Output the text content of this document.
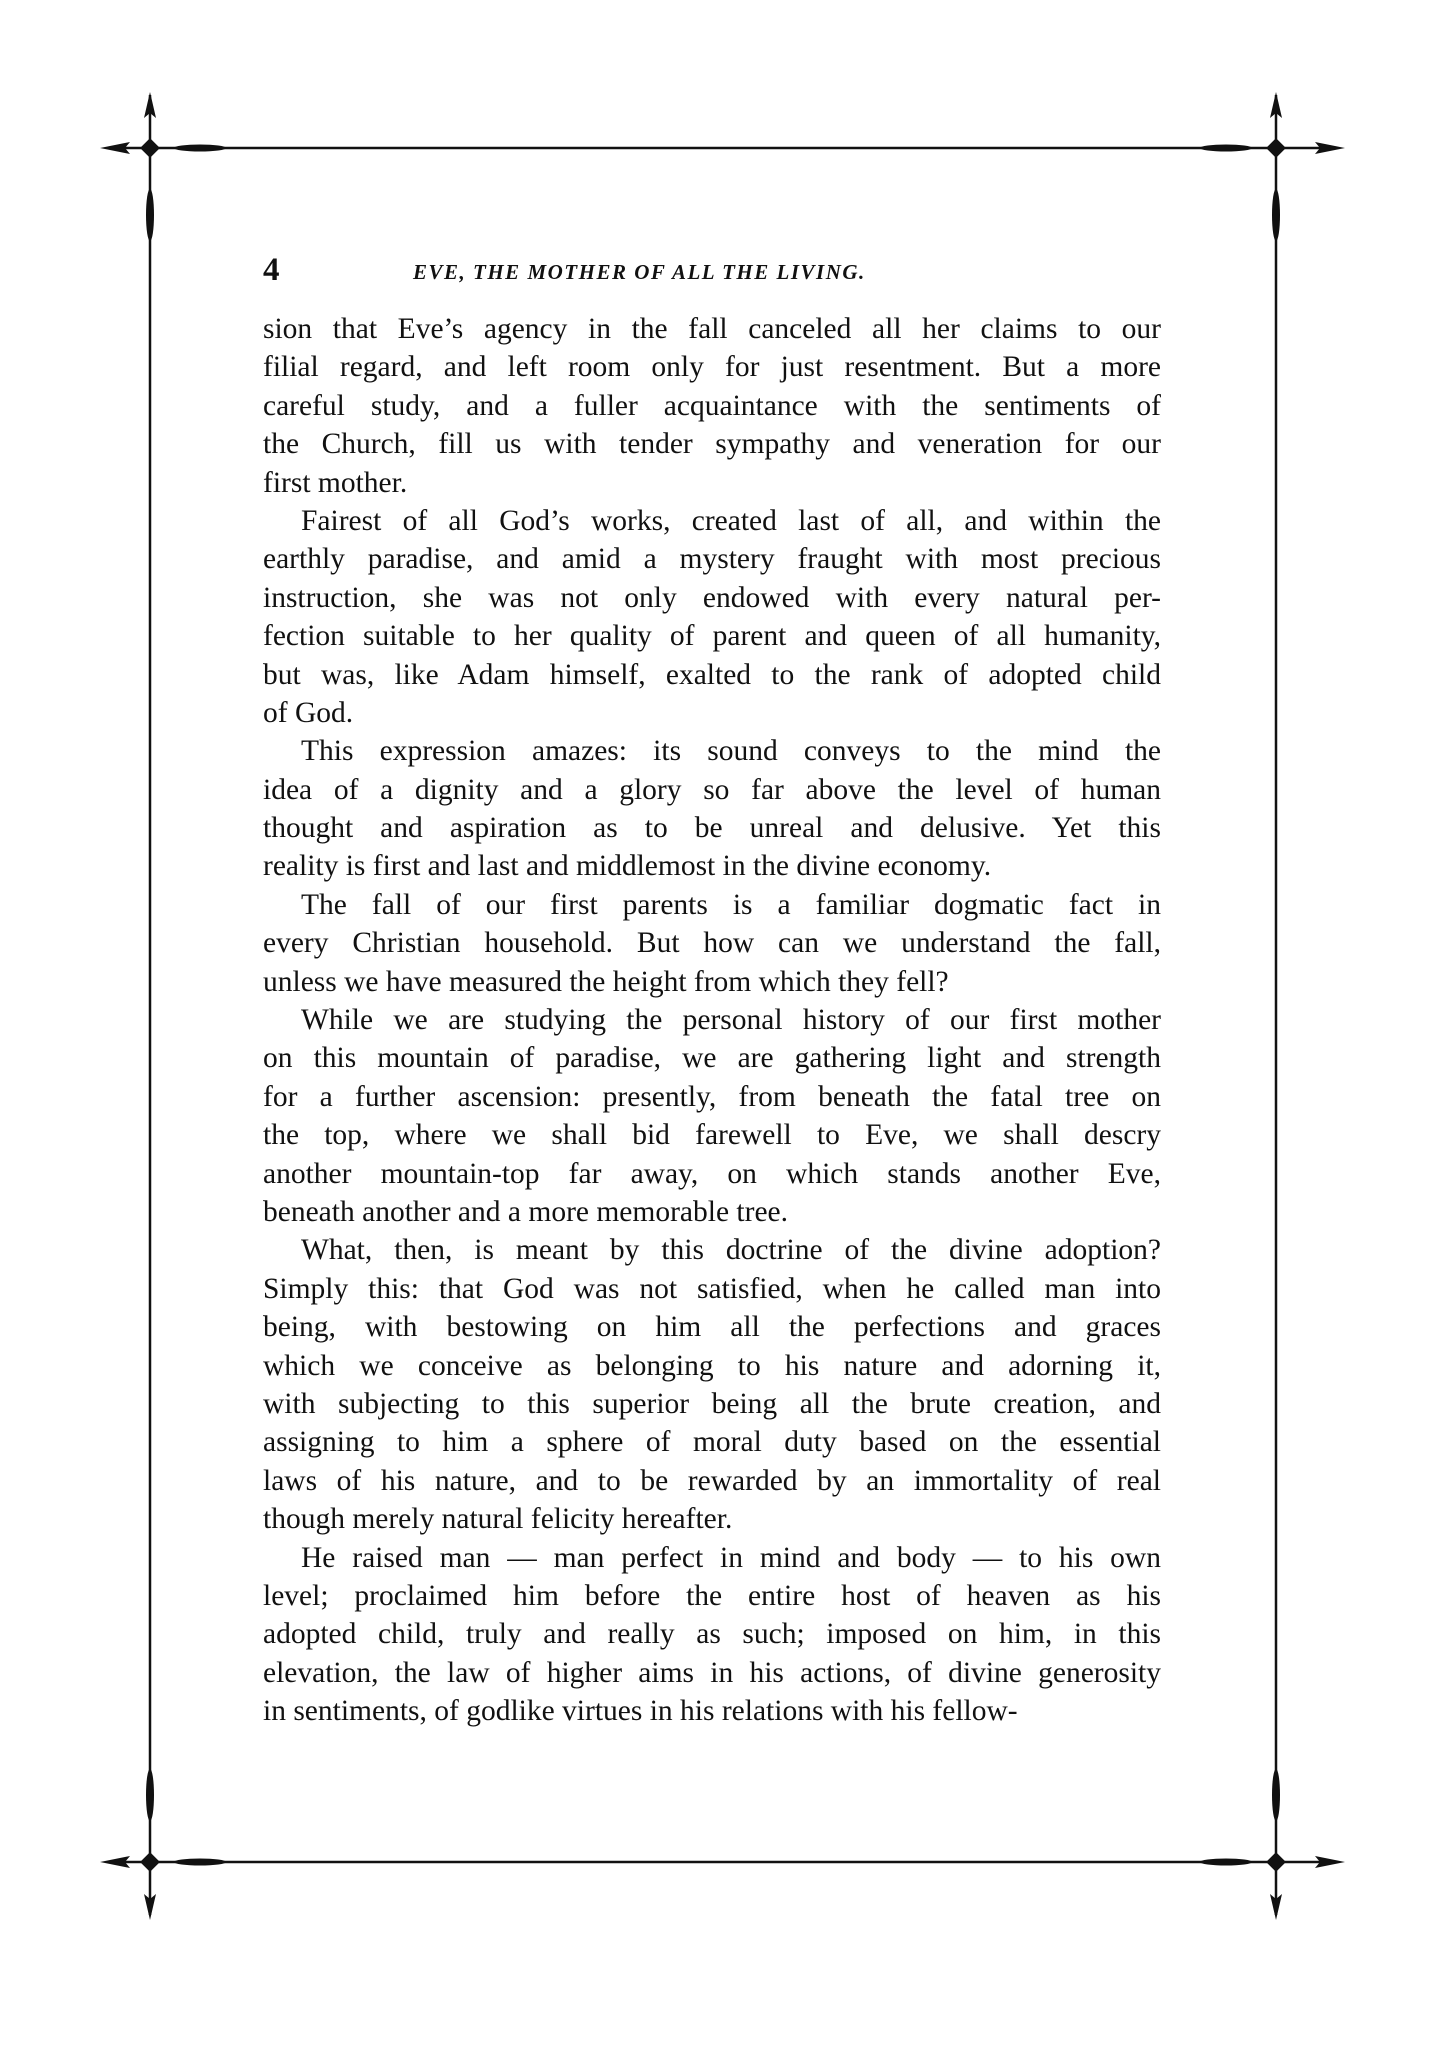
4	EVE, THE MOTHER OF ALL THE LIVING.
sion that Eve’s agency in the fall canceled all her claims to our
filial regard, and left room only for just resentment. But a more
careful study, and a fuller acquaintance with the sentiments of
the Church, fill us with tender sympathy and veneration for our
first mother.
Fairest of all God’s works, created last of all, and within the
earthly paradise, and amid a mystery fraught with most precious
instruction, she was not only endowed with every natural per-
fection suitable to her quality of parent and queen of all humanity,
but was, like Adam himself, exalted to the rank of adopted child
of God.
This expression amazes: its sound conveys to the mind the
idea of a dignity and a glory so far above the level of human
thought and aspiration as to be unreal and delusive. Yet this
reality is first and last and middlemost in the divine economy.
The fall of our first parents is a familiar dogmatic fact in
every Christian household. But how can we understand the fall,
unless we have measured the height from which they fell?
While we are studying the personal history of our first mother
on this mountain of paradise, we are gathering light and strength
for a further ascension: presently, from beneath the fatal tree on
the top, where we shall bid farewell to Eve, we shall descry
another mountain-top far away, on which stands another Eve,
beneath another and a more memorable tree.
What, then, is meant by this doctrine of the divine adoption?
Simply this: that God was not satisfied, when he called man into
being, with bestowing on him all the perfections and graces
which we conceive as belonging to his nature and adorning it,
with subjecting to this superior being all the brute creation, and
assigning to him a sphere of moral duty based on the essential
laws of his nature, and to be rewarded by an immortality of real
though merely natural felicity hereafter.
He raised man — man perfect in mind and body — to his own
level; proclaimed him before the entire host of heaven as his
adopted child, truly and really as such; imposed on him, in this
elevation, the law of higher aims in his actions, of divine generosity
in sentiments, of godlike virtues in his relations with his fellow-
